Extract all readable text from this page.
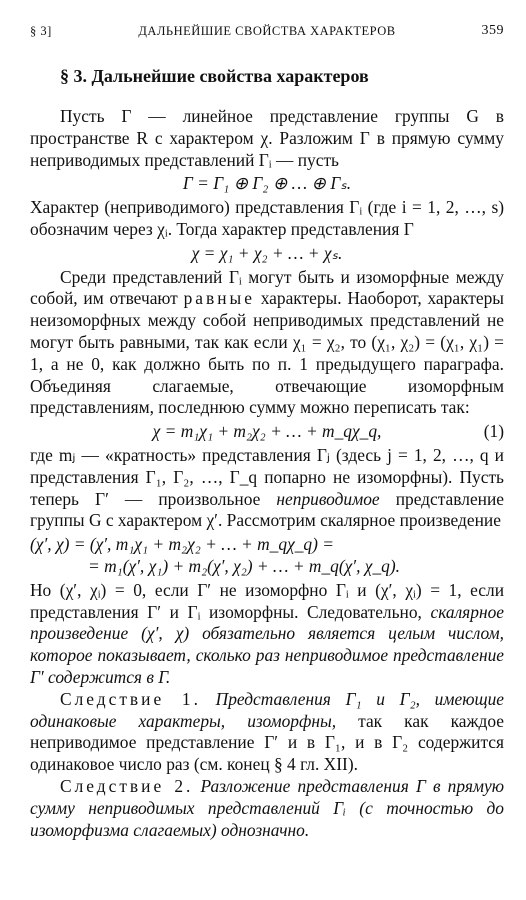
§ 3]	ДАЛЬНЕЙШИЕ СВОЙСТВА ХАРАКТЕРОВ	359
§ 3. Дальнейшие свойства характеров

Пусть Γ — линейное представление группы G в пространстве R с характером χ. Разложим Γ в прямую сумму неприводимых представлений Γᵢ — пусть

Γ = Γ₁ ⊕ Γ₂ ⊕ … ⊕ Γₛ.

Характер (неприводимого) представления Γᵢ (где i = 1, 2, …, s) обозначим через χᵢ. Тогда характер представления Γ

χ = χ₁ + χ₂ + … + χₛ.

Среди представлений Γᵢ могут быть и изоморфные между собой, им отвечают равные характеры. Наоборот, характеры неизоморфных между собой неприводимых представлений не могут быть равными, так как если χ₁ = χ₂, то (χ₁, χ₂) = (χ₁, χ₁) = 1, а не 0, как должно быть по п. 1 предыдущего параграфа. Объединяя слагаемые, отвечающие изоморфным представлениям, последнюю сумму можно переписать так:

χ = m₁χ₁ + m₂χ₂ + … + m_qχ_q,	(1)

где mⱼ — «кратность» представления Γⱼ (здесь j = 1, 2, …, q и представления Γ₁, Γ₂, …, Γ_q попарно не изоморфны). Пусть теперь Γ′ — произвольное неприводимое представление группы G с характером χ′. Рассмотрим скалярное произведение

(χ′, χ) = (χ′, m₁χ₁ + m₂χ₂ + … + m_qχ_q) =
= m₁(χ′, χ₁) + m₂(χ′, χ₂) + … + m_q(χ′, χ_q).

Но (χ′, χᵢ) = 0, если Γ′ не изоморфно Γᵢ и (χ′, χᵢ) = 1, если представления Γ′ и Γᵢ изоморфны. Следовательно, скалярное произведение (χ′, χ) обязательно является целым числом, которое показывает, сколько раз неприводимое представление Γ′ содержится в Γ.

Следствие 1. Представления Γ₁ и Γ₂, имеющие одинаковые характеры, изоморфны, так как каждое неприводимое представление Γ′ и в Γ₁, и в Γ₂ содержится одинаковое число раз (см. конец § 4 гл. XII).

Следствие 2. Разложение представления Γ в прямую сумму неприводимых представлений Γᵢ (с точностью до изоморфизма слагаемых) однозначно.
